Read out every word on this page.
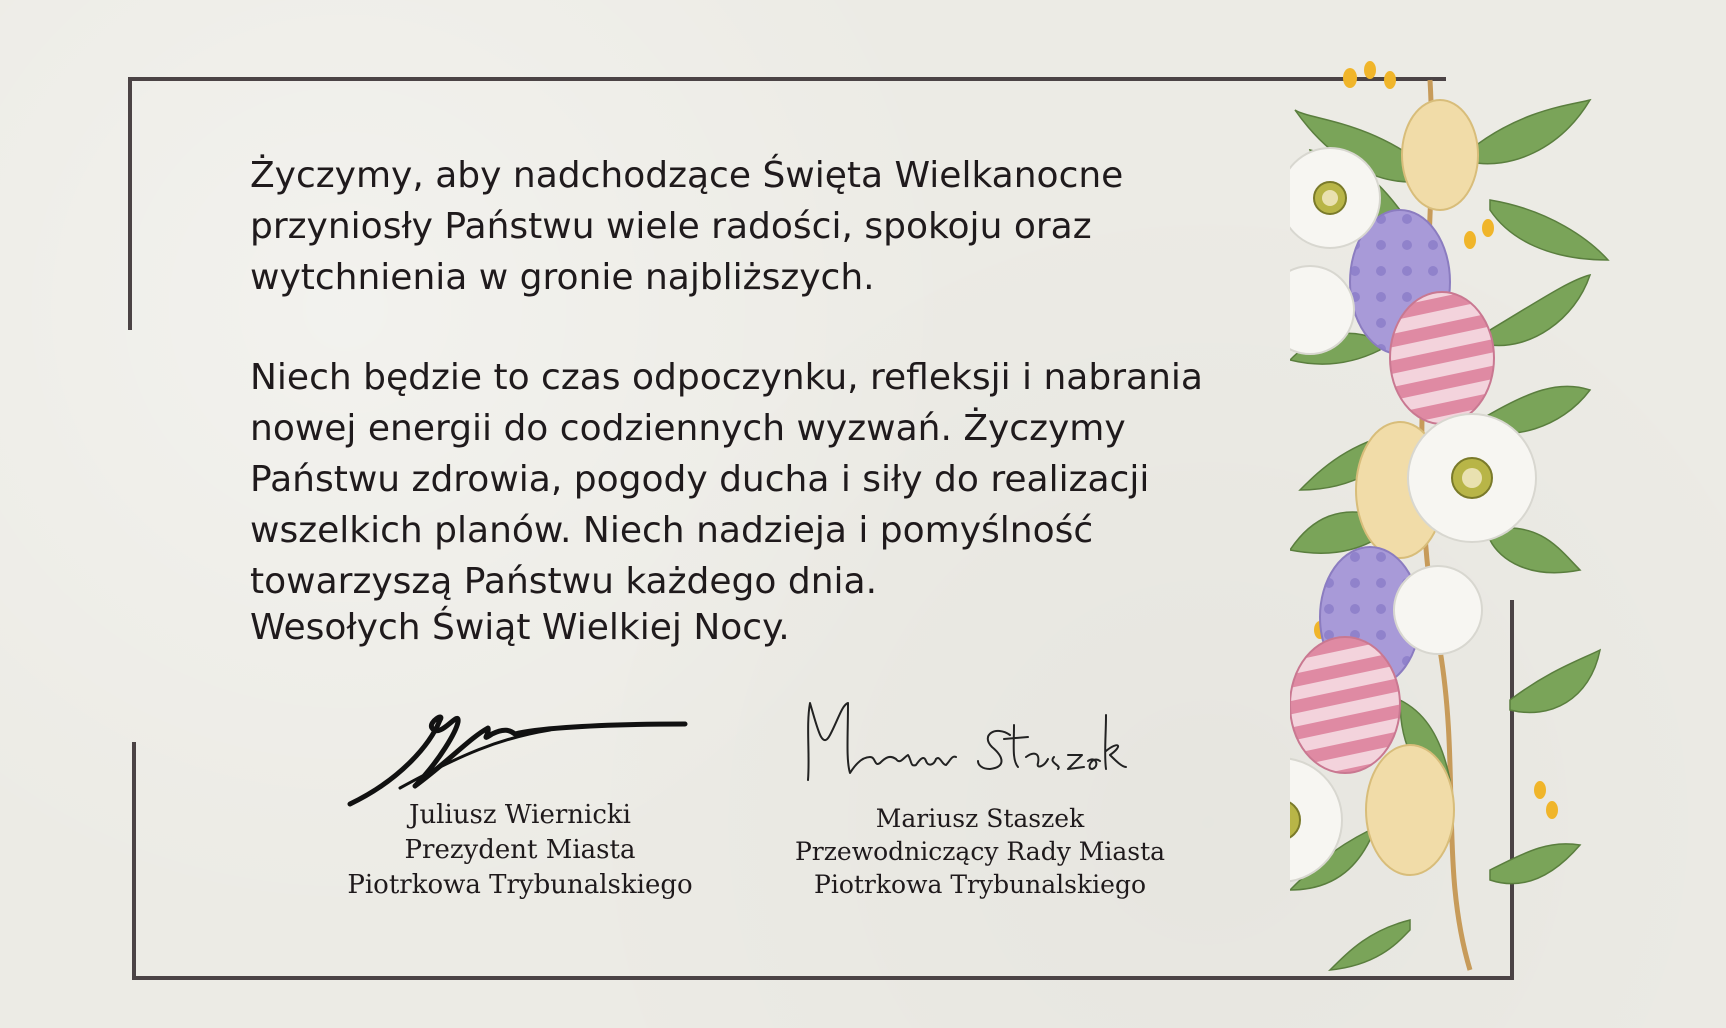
Życzymy, aby nadchodzące Święta Wielkanocne przyniosły Państwu wiele radości, spokoju oraz wytchnienia w gronie najbliższych.

Niech będzie to czas odpoczynku, refleksji i nabrania nowej energii do codziennych wyzwań. Życzymy Państwu zdrowia, pogody ducha i siły do realizacji wszelkich planów. Niech nadzieja i pomyślność towarzyszą Państwu każdego dnia.

Wesołych Świąt Wielkiej Nocy.

Juliusz Wiernicki
Prezydent Miasta
Piotrkowa Trybunalskiego
Mariusz Staszek
Przewodniczący Rady Miasta
Piotrkowa Trybunalskiego
